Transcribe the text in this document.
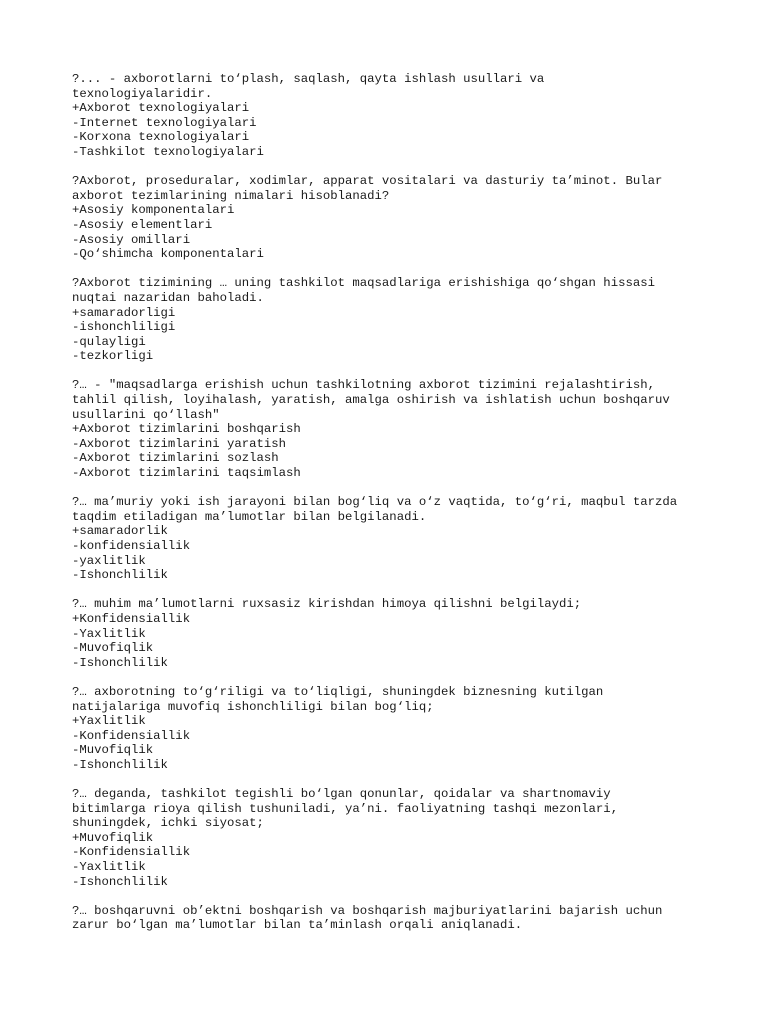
?... - axborotlarni to‘plash, saqlash, qayta ishlash usullari va
texnologiyalaridir.
+Axborot texnologiyalari
-Internet texnologiyalari
-Korxona texnologiyalari
-Tashkilot texnologiyalari
?Axborot, proseduralar, xodimlar, apparat vositalari va dasturiy ta’minot. Bular
axborot tezimlarining nimalari hisoblanadi?
+Asosiy komponentalari
-Asosiy elementlari
-Asosiy omillari
-Qo‘shimcha komponentalari
?Axborot tizimining … uning tashkilot maqsadlariga erishishiga qo‘shgan hissasi
nuqtai nazaridan baholadi.
+samaradorligi
-ishonchliligi
-qulayligi
-tezkorligi
?… - "maqsadlarga erishish uchun tashkilotning axborot tizimini rejalashtirish,
tahlil qilish, loyihalash, yaratish, amalga oshirish va ishlatish uchun boshqaruv
usullarini qo‘llash"
+Axborot tizimlarini boshqarish
-Axborot tizimlarini yaratish
-Axborot tizimlarini sozlash
-Axborot tizimlarini taqsimlash
?… ma’muriy yoki ish jarayoni bilan bog‘liq va o‘z vaqtida, to‘g‘ri, maqbul tarzda
taqdim etiladigan ma’lumotlar bilan belgilanadi.
+samaradorlik
-konfidensiallik
-yaxlitlik
-Ishonchlilik
?… muhim ma’lumotlarni ruxsasiz kirishdan himoya qilishni belgilaydi;
+Konfidensiallik
-Yaxlitlik
-Muvofiqlik
-Ishonchlilik
?… axborotning to‘g‘riligi va to‘liqligi, shuningdek biznesning kutilgan
natijalariga muvofiq ishonchliligi bilan bog‘liq;
+Yaxlitlik
-Konfidensiallik
-Muvofiqlik
-Ishonchlilik
?… deganda, tashkilot tegishli bo‘lgan qonunlar, qoidalar va shartnomaviy
bitimlarga rioya qilish tushuniladi, ya’ni. faoliyatning tashqi mezonlari,
shuningdek, ichki siyosat;
+Muvofiqlik
-Konfidensiallik
-Yaxlitlik
-Ishonchlilik
?… boshqaruvni ob’ektni boshqarish va boshqarish majburiyatlarini bajarish uchun
zarur bo‘lgan ma’lumotlar bilan ta’minlash orqali aniqlanadi.
